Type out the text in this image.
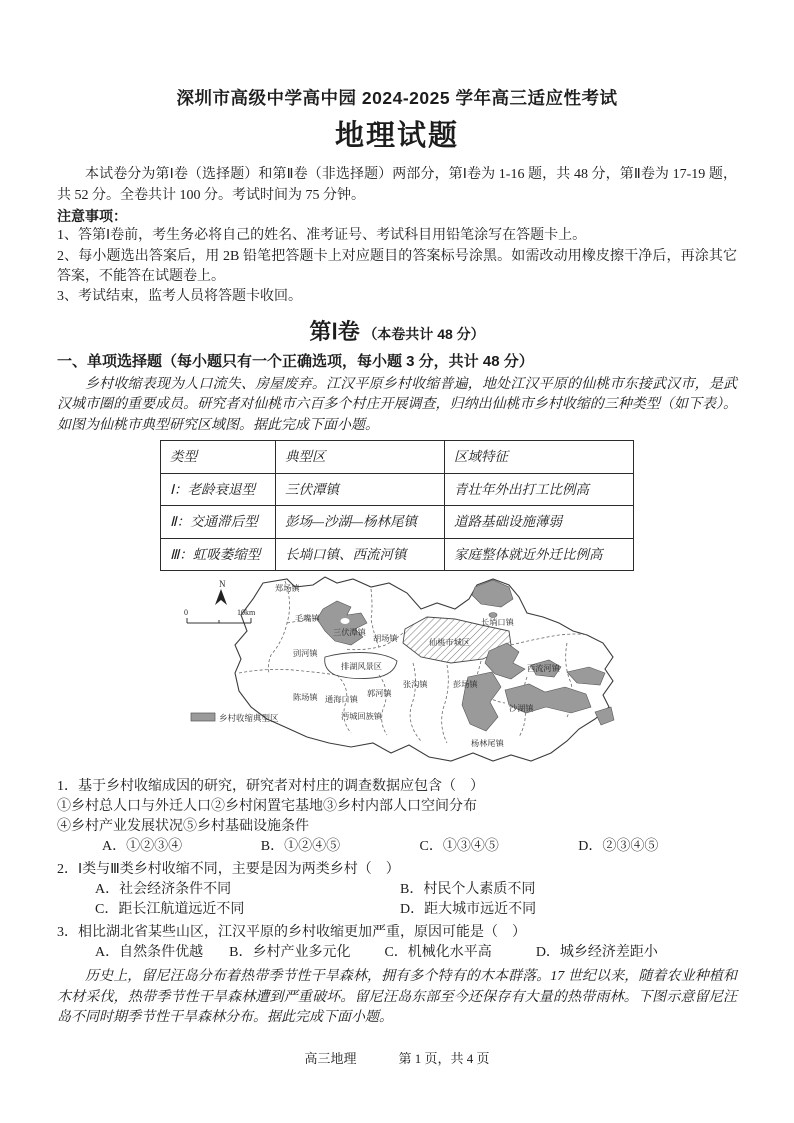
深圳市高级中学高中园 2024-2025 学年高三适应性考试

地理试题

本试卷分为第Ⅰ卷（选择题）和第Ⅱ卷（非选择题）两部分，第Ⅰ卷为 1-16 题，共 48 分，第Ⅱ卷为 17-19 题，共 52 分。全卷共计 100 分。考试时间为 75 分钟。

注意事项：

1、答第Ⅰ卷前，考生务必将自己的姓名、准考证号、考试科目用铅笔涂写在答题卡上。

2、每小题选出答案后，用 2B 铅笔把答题卡上对应题目的答案标号涂黑。如需改动用橡皮擦干净后，再涂其它答案，不能答在试题卷上。

3、考试结束，监考人员将答题卡收回。

第Ⅰ卷 （本卷共计 48 分）

一、单项选择题（每小题只有一个正确选项，每小题 3 分，共计 48 分）

乡村收缩表现为人口流失、房屋废弃。江汉平原乡村收缩普遍，地处江汉平原的仙桃市东接武汉市，是武汉城市圈的重要成员。研究者对仙桃市六百多个村庄开展调查，归纳出仙桃市乡村收缩的三种类型（如下表）。如图为仙桃市典型研究区域图。据此完成下面小题。

类型	典型区	区域特征
Ⅰ：老龄衰退型	三伏潭镇	青壮年外出打工比例高
Ⅱ：交通滞后型	彭场—沙湖—杨林尾镇	道路基础设施薄弱
Ⅲ：虹吸萎缩型	长埫口镇、西流河镇	家庭整体就近外迁比例高
N
0	10km
乡村收缩典型区
郑场镇
毛嘴镇
三伏潭镇
胡场镇	仙桃市城区
长埫口镇
剅河镇
排湖风景区	西流河镇
张沟镇	彭场镇
陈场镇 通海口镇
郭河镇
沔城回族镇
沙湖镇
杨林尾镇

1．基于乡村收缩成因的研究，研究者对村庄的调查数据应包含（　）

①乡村总人口与外迁人口②乡村闲置宅基地③乡村内部人口空间分布

④乡村产业发展状况⑤乡村基础设施条件

A．①②③④	B．①②④⑤	C．①③④⑤	D．②③④⑤

2．Ⅰ类与Ⅲ类乡村收缩不同，主要是因为两类乡村（　）

A．社会经济条件不同	B．村民个人素质不同
C．距长江航道远近不同	D．距大城市远近不同

3．相比湖北省某些山区，江汉平原的乡村收缩更加严重，原因可能是（　）

A．自然条件优越 B．乡村产业多元化 C．机械化水平高	D．城乡经济差距小

历史上，留尼汪岛分布着热带季节性干旱森林，拥有多个特有的木本群落。17 世纪以来，随着农业种植和木材采伐，热带季节性干旱森林遭到严重破坏。留尼汪岛东部至今还保存有大量的热带雨林。下图示意留尼汪岛不同时期季节性干旱森林分布。据此完成下面小题。

高三地理	第 1 页，共 4 页
